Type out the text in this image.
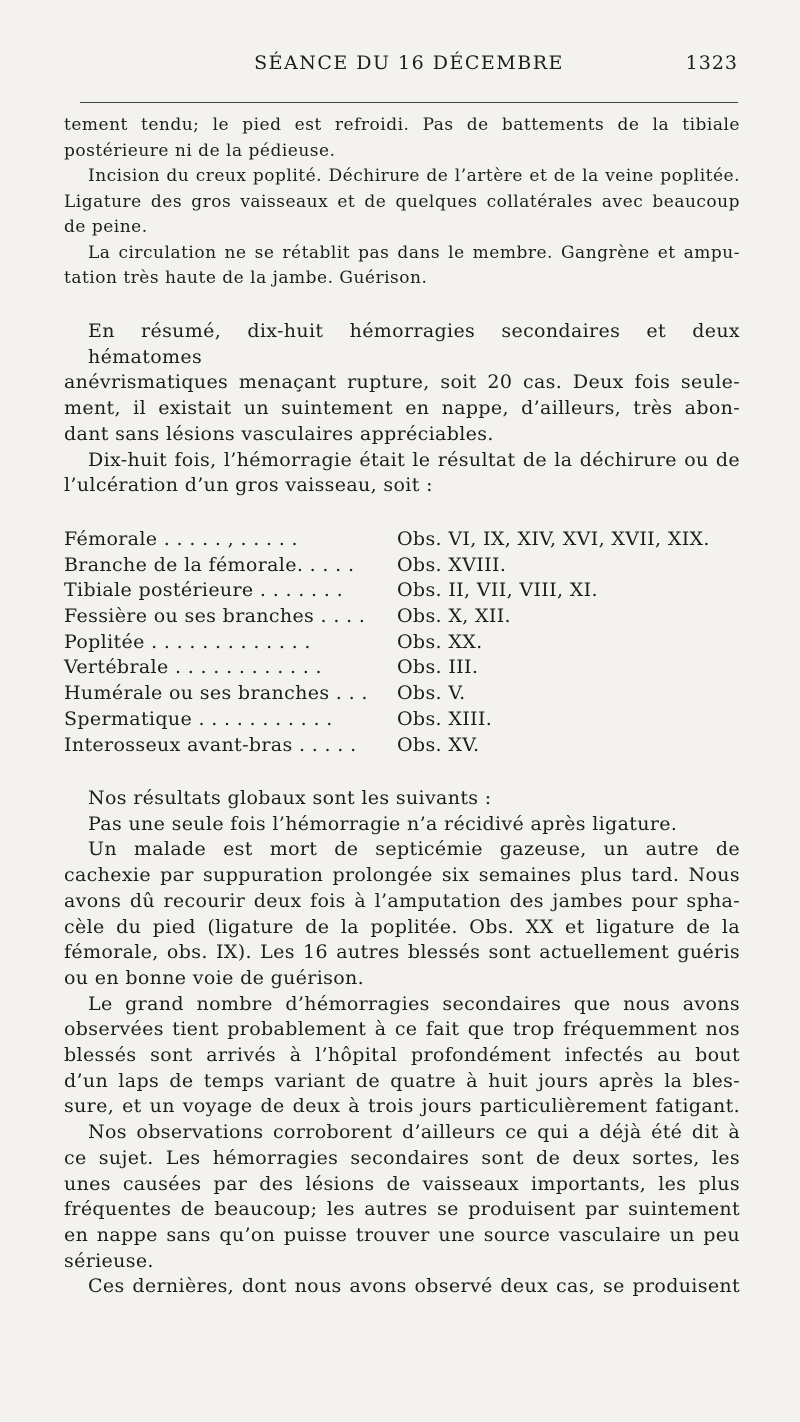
SÉANCE DU 16 DÉCEMBRE	1323
tement tendu; le pied est refroidi. Pas de battements de la tibiale
postérieure ni de la pédieuse.
Incision du creux poplité. Déchirure de l’artère et de la veine poplitée.
Ligature des gros vaisseaux et de quelques collatérales avec beaucoup
de peine.
La circulation ne se rétablit pas dans le membre. Gangrène et ampu-
tation très haute de la jambe. Guérison.
En résumé, dix-huit hémorragies secondaires et deux hématomes
anévrismatiques menaçant rupture, soit 20 cas. Deux fois seule-
ment, il existait un suintement en nappe, d’ailleurs, très abon-
dant sans lésions vasculaires appréciables.
Dix-huit fois, l’hémorragie était le résultat de la déchirure ou de
l’ulcération d’un gros vaisseau, soit :
Fémorale . . . . . , . . . . .	Obs. VI, IX, XIV, XVI, XVII, XIX.
Branche de la fémorale. . . . . Obs. XVIII.
Tibiale postérieure . . . . . . .	Obs. II, VII, VIII, XI.
Fessière ou ses branches . . . . Obs. X, XII.
Poplitée . . . . . . . . . . . . .	Obs. XX.
Vertébrale . . . . . . . . . . . .	Obs. III.
Humérale ou ses branches . . . Obs. V.
Spermatique . . . . . . . . . . .	Obs. XIII.
Interosseux avant-bras . . . . . Obs. XV.
Nos résultats globaux sont les suivants :
Pas une seule fois l’hémorragie n’a récidivé après ligature.
Un malade est mort de septicémie gazeuse, un autre de
cachexie par suppuration prolongée six semaines plus tard. Nous
avons dû recourir deux fois à l’amputation des jambes pour spha-
cèle du pied (ligature de la poplitée. Obs. XX et ligature de la
fémorale, obs. IX). Les 16 autres blessés sont actuellement guéris
ou en bonne voie de guérison.
Le grand nombre d’hémorragies secondaires que nous avons
observées tient probablement à ce fait que trop fréquemment nos
blessés sont arrivés à l’hôpital profondément infectés au bout
d’un laps de temps variant de quatre à huit jours après la bles-
sure, et un voyage de deux à trois jours particulièrement fatigant.
Nos observations corroborent d’ailleurs ce qui a déjà été dit à
ce sujet. Les hémorragies secondaires sont de deux sortes, les
unes causées par des lésions de vaisseaux importants, les plus
fréquentes de beaucoup; les autres se produisent par suintement
en nappe sans qu’on puisse trouver une source vasculaire un peu
sérieuse.
Ces dernières, dont nous avons observé deux cas, se produisent
